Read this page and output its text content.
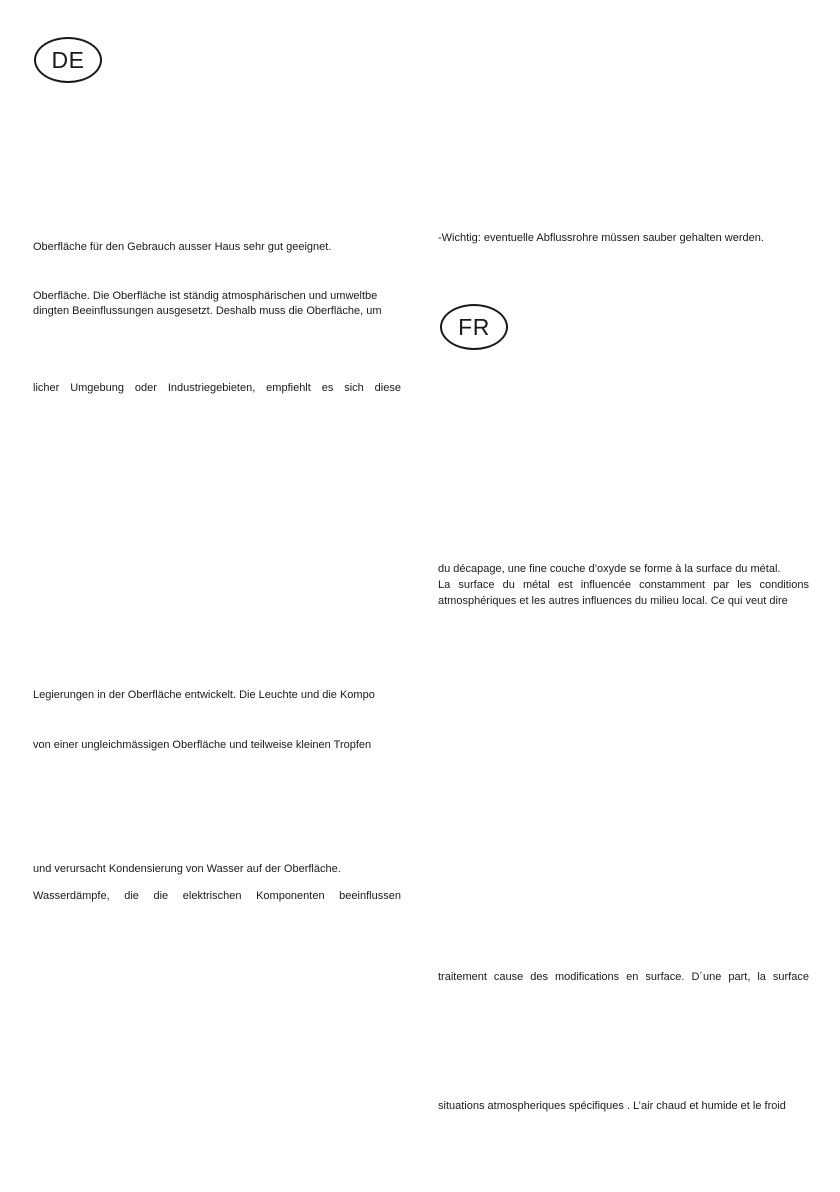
DE
FR
Oberfläche für den Gebrauch ausser Haus sehr gut geeignet.
Oberfläche. Die Oberfläche ist ständig atmosphärischen und umweltbe
dingten Beeinflussungen ausgesetzt. Deshalb muss die Oberfläche, um
licher Umgebung oder Industriegebieten, empfiehlt es sich diese
Legierungen in der Oberfläche entwickelt. Die Leuchte und die Kompo
von einer ungleichmässigen Oberfläche und teilweise kleinen Tropfen
und verursacht Kondensierung von Wasser auf der Oberfläche.
Wasserdämpfe, die die elektrischen Komponenten beeinflussen
-Wichtig: eventuelle Abflussrohre müssen sauber gehalten werden.
du décapage, une fine couche d’oxyde se forme à la surface du métal.
La surface du métal est influencée constamment par les conditions
atmosphériques et les autres influences du milieu local. Ce qui veut dire
traitement cause des modifications en surface. D´une part, la surface
situations atmospheriques spécifiques . L’air chaud et humide et le froid
